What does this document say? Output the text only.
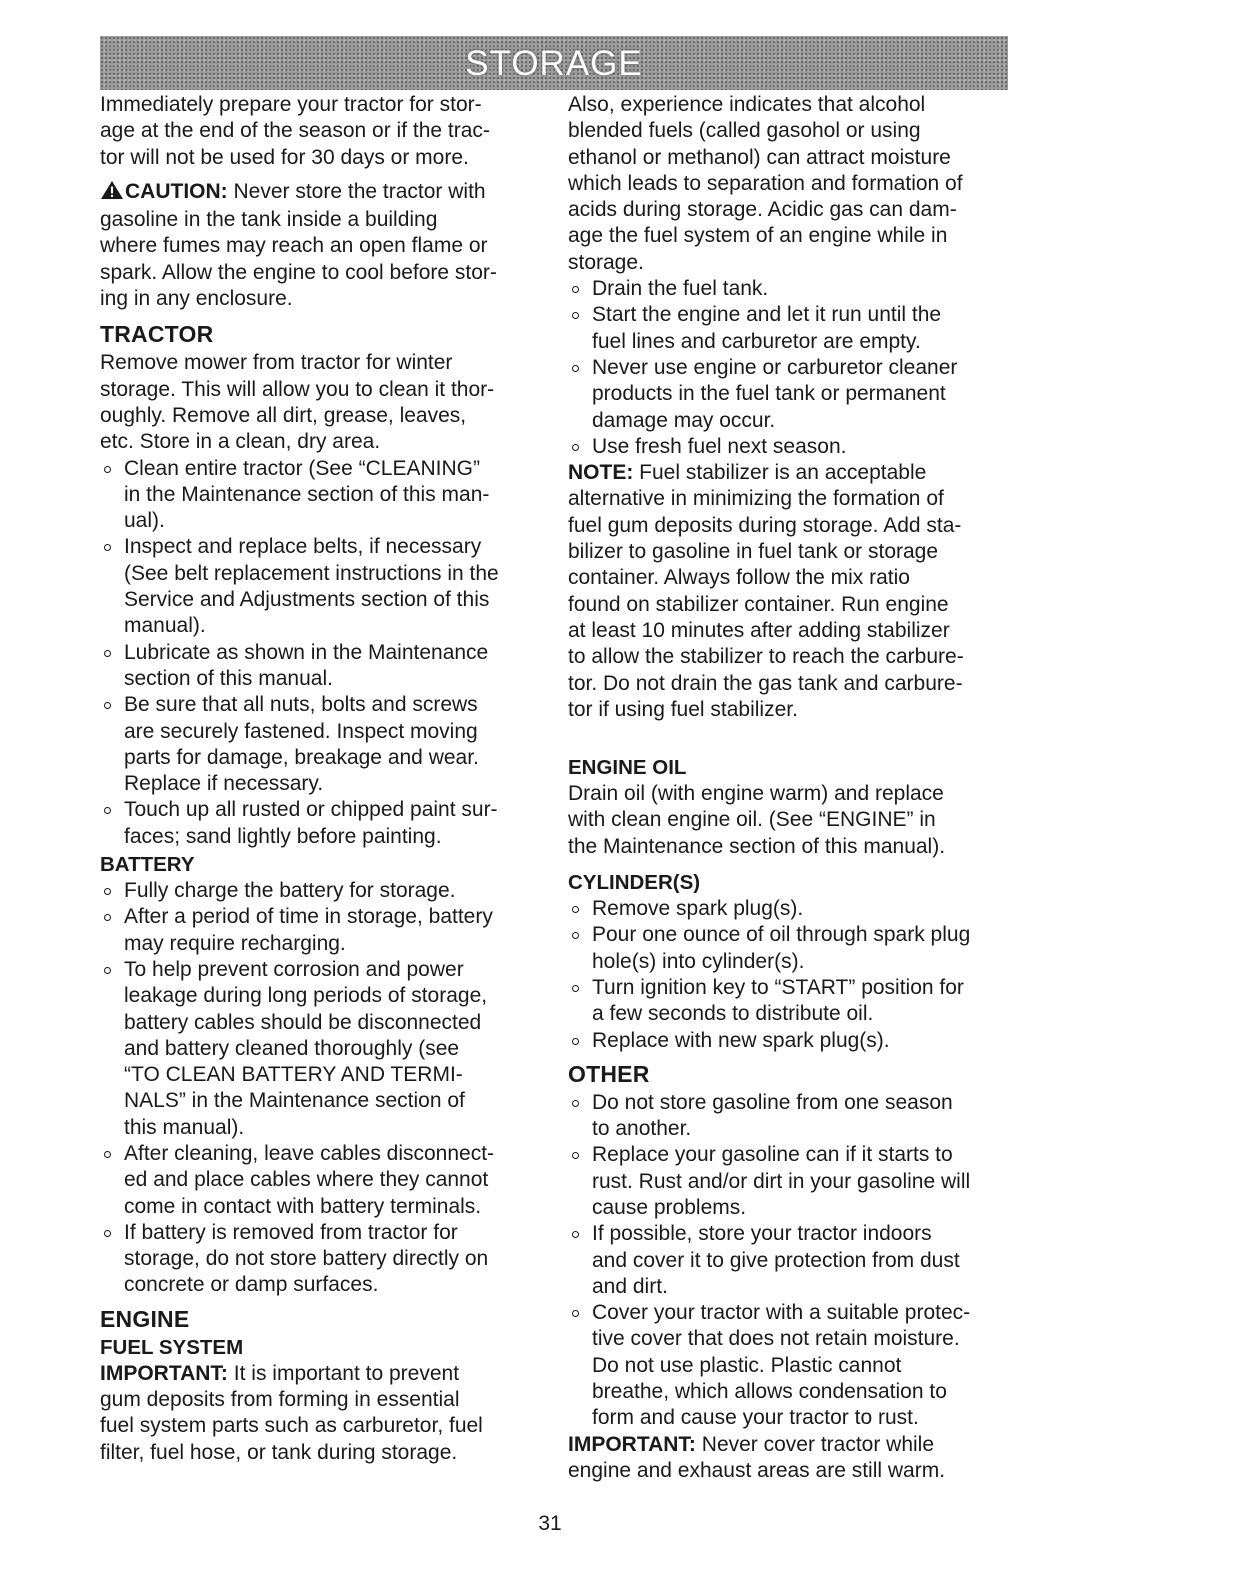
STORAGE

Immediately prepare your tractor for stor-
age at the end of the season or if the trac-
tor will not be used for 30 days or more.

CAUTION: Never store the tractor with
gasoline in the tank inside a building
where fumes may reach an open flame or
spark. Allow the engine to cool before stor-
ing in any enclosure.

TRACTOR

Remove mower from tractor for winter
storage. This will allow you to clean it thor-
oughly. Remove all dirt, grease, leaves,
etc. Store in a clean, dry area.

Clean entire tractor (See “CLEANING”
in the Maintenance section of this man-
ual).
Inspect and replace belts, if necessary
(See belt replacement instructions in the
Service and Adjustments section of this
manual).
Lubricate as shown in the Maintenance
section of this manual.
Be sure that all nuts, bolts and screws
are securely fastened. Inspect moving
parts for damage, breakage and wear.
Replace if necessary.
Touch up all rusted or chipped paint sur-
faces; sand lightly before painting.
BATTERY
Fully charge the battery for storage.
After a period of time in storage, battery
may require recharging.
To help prevent corrosion and power
leakage during long periods of storage,
battery cables should be disconnected
and battery cleaned thoroughly (see
“TO CLEAN BATTERY AND TERMI-
NALS” in the Maintenance section of
this manual).
After cleaning, leave cables disconnect-
ed and place cables where they cannot
come in contact with battery terminals.
If battery is removed from tractor for
storage, do not store battery directly on
concrete or damp surfaces.
ENGINE
FUEL SYSTEM

IMPORTANT: It is important to prevent
gum deposits from forming in essential
fuel system parts such as carburetor, fuel
filter, fuel hose, or tank during storage.

Also, experience indicates that alcohol
blended fuels (called gasohol or using
ethanol or methanol) can attract moisture
which leads to separation and formation of
acids during storage. Acidic gas can dam-
age the fuel system of an engine while in
storage.

Drain the fuel tank.
Start the engine and let it run until the
fuel lines and carburetor are empty.
Never use engine or carburetor cleaner
products in the fuel tank or permanent
damage may occur.
Use fresh fuel next season.

NOTE: Fuel stabilizer is an acceptable
alternative in minimizing the formation of
fuel gum deposits during storage. Add sta-
bilizer to gasoline in fuel tank or storage
container. Always follow the mix ratio
found on stabilizer container. Run engine
at least 10 minutes after adding stabilizer
to allow the stabilizer to reach the carbure-
tor. Do not drain the gas tank and carbure-
tor if using fuel stabilizer.

ENGINE OIL

Drain oil (with engine warm) and replace
with clean engine oil. (See “ENGINE” in
the Maintenance section of this manual).

CYLINDER(S)
Remove spark plug(s).
Pour one ounce of oil through spark plug
hole(s) into cylinder(s).
Turn ignition key to “START” position for
a few seconds to distribute oil.
Replace with new spark plug(s).
OTHER
Do not store gasoline from one season
to another.
Replace your gasoline can if it starts to
rust. Rust and/or dirt in your gasoline will
cause problems.
If possible, store your tractor indoors
and cover it to give protection from dust
and dirt.
Cover your tractor with a suitable protec-
tive cover that does not retain moisture.
Do not use plastic. Plastic cannot
breathe, which allows condensation to
form and cause your tractor to rust.

IMPORTANT: Never cover tractor while
engine and exhaust areas are still warm.

31
